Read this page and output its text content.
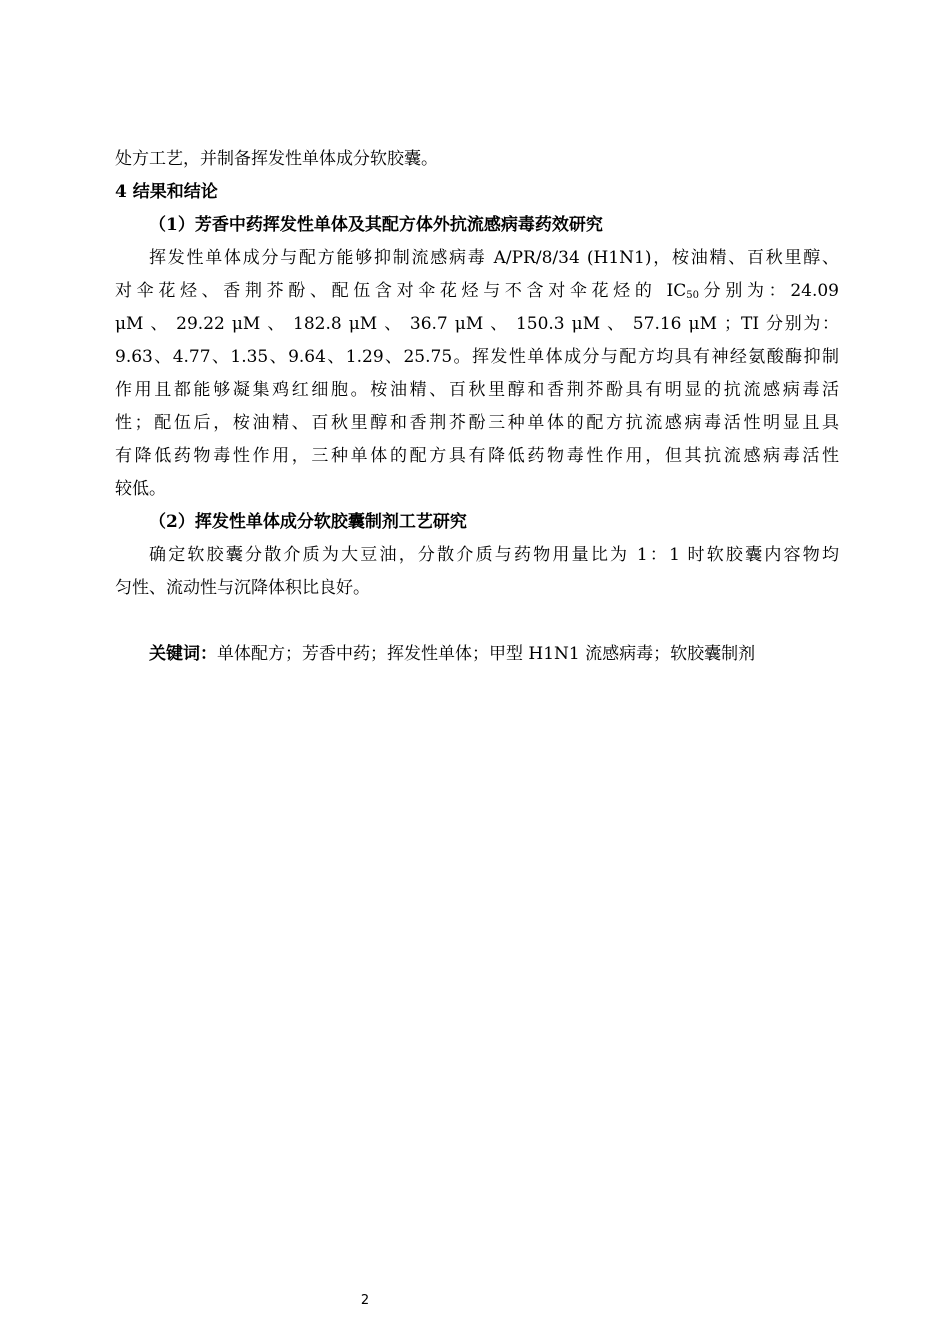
处方工艺，并制备挥发性单体成分软胶囊。
4 结果和结论
（1）芳香中药挥发性单体及其配方体外抗流感病毒药效研究
挥发性单体成分与配方能够抑制流感病毒 A/PR/8/34 (H1N1)，桉油精、百秋里醇、
对伞花烃、香荆芥酚、配伍含对伞花烃与不含对伞花烃的 $IC_{50}$分别为：24.09
μM 、 29.22 μM 、 182.8 μM 、 36.7 μM 、 150.3 μM 、 57.16 μM ；TI 分别为：
9.63、4.77、1.35、9.64、1.29、25.75。挥发性单体成分与配方均具有神经氨酸酶抑制
作用且都能够凝集鸡红细胞。桉油精、百秋里醇和香荆芥酚具有明显的抗流感病毒活
性；配伍后，桉油精、百秋里醇和香荆芥酚三种单体的配方抗流感病毒活性明显且具
有降低药物毒性作用，三种单体的配方具有降低药物毒性作用，但其抗流感病毒活性
较低。
（2）挥发性单体成分软胶囊制剂工艺研究
确定软胶囊分散介质为大豆油，分散介质与药物用量比为 1：1 时软胶囊内容物均
匀性、流动性与沉降体积比良好。
关键词：单体配方；芳香中药；挥发性单体；甲型 H1N1 流感病毒；软胶囊制剂
2
